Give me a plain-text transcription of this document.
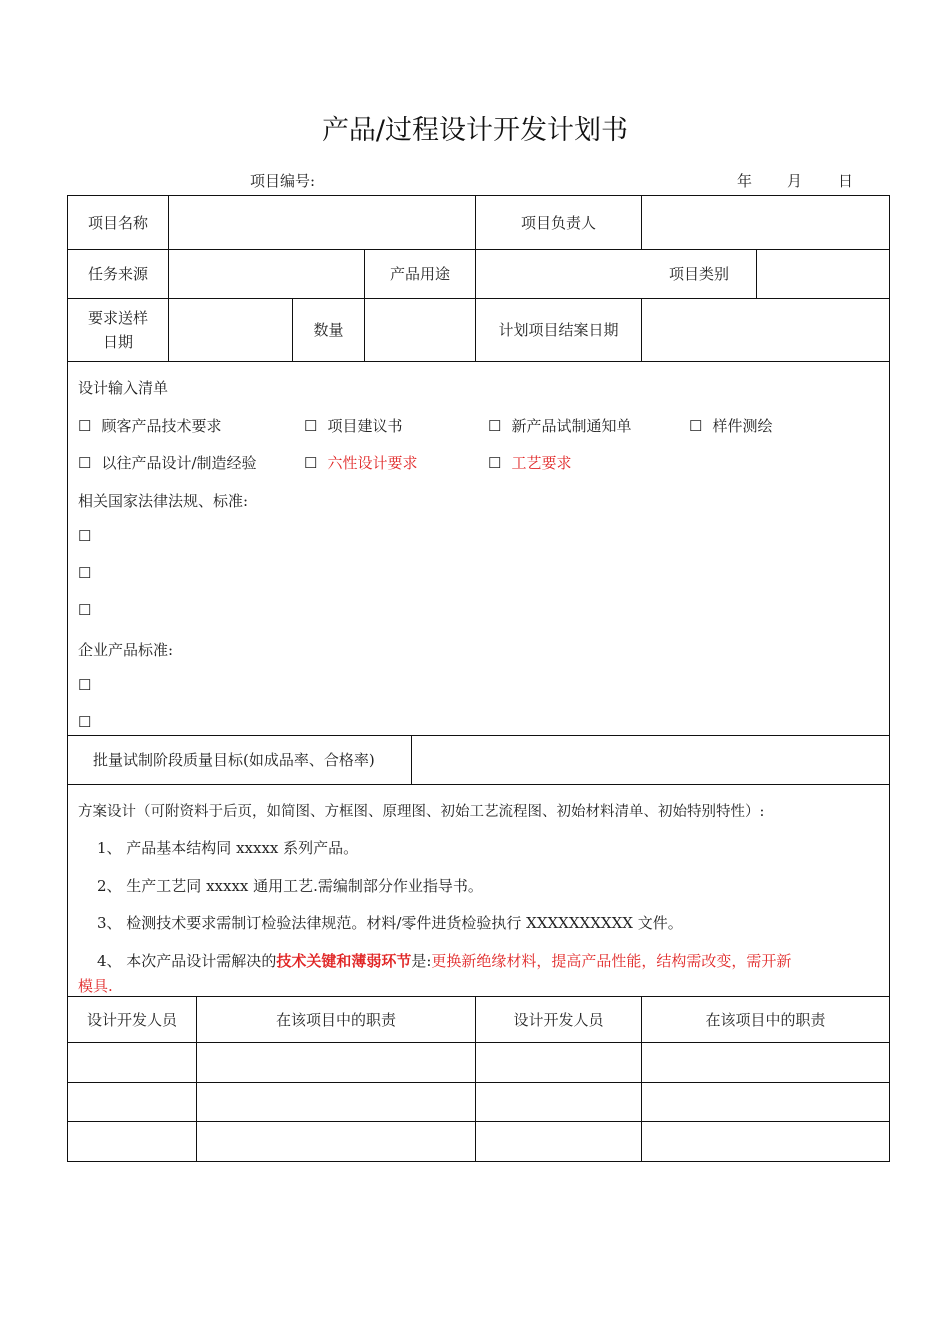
产品/过程设计开发计划书
项目编号:	年 月 日
项目名称	项目负责人
任务来源	产品用途	项目类别
要求送样
日期
数量	计划项目结案日期
设计输入清单
☐ 顾客产品技术要求	☐ 项目建议书	☐ 新产品试制通知单	☐ 样件测绘
☐ 以往产品设计/制造经验	☐ 六性设计要求	☐ 工艺要求
相关国家法律法规、标准:
☐
☐
☐
企业产品标准:
☐
☐
批量试制阶段质量目标(如成品率、合格率)
方案设计（可附资料于后页，如简图、方框图、原理图、初始工艺流程图、初始材料清单、初始特别特性）:
1、 产品基本结构同 xxxxx 系列产品。
2、 生产工艺同 xxxxx 通用工艺.需编制部分作业指导书。
3、 检测技术要求需制订检验法律规范。材料/零件进货检验执行 XXXXXXXXXX 文件。
4、 本次产品设计需解决的技术关键和薄弱环节是:更换新绝缘材料，提高产品性能，结构需改变，需开新
模具.
设计开发人员	在该项目中的职责	设计开发人员	在该项目中的职责
